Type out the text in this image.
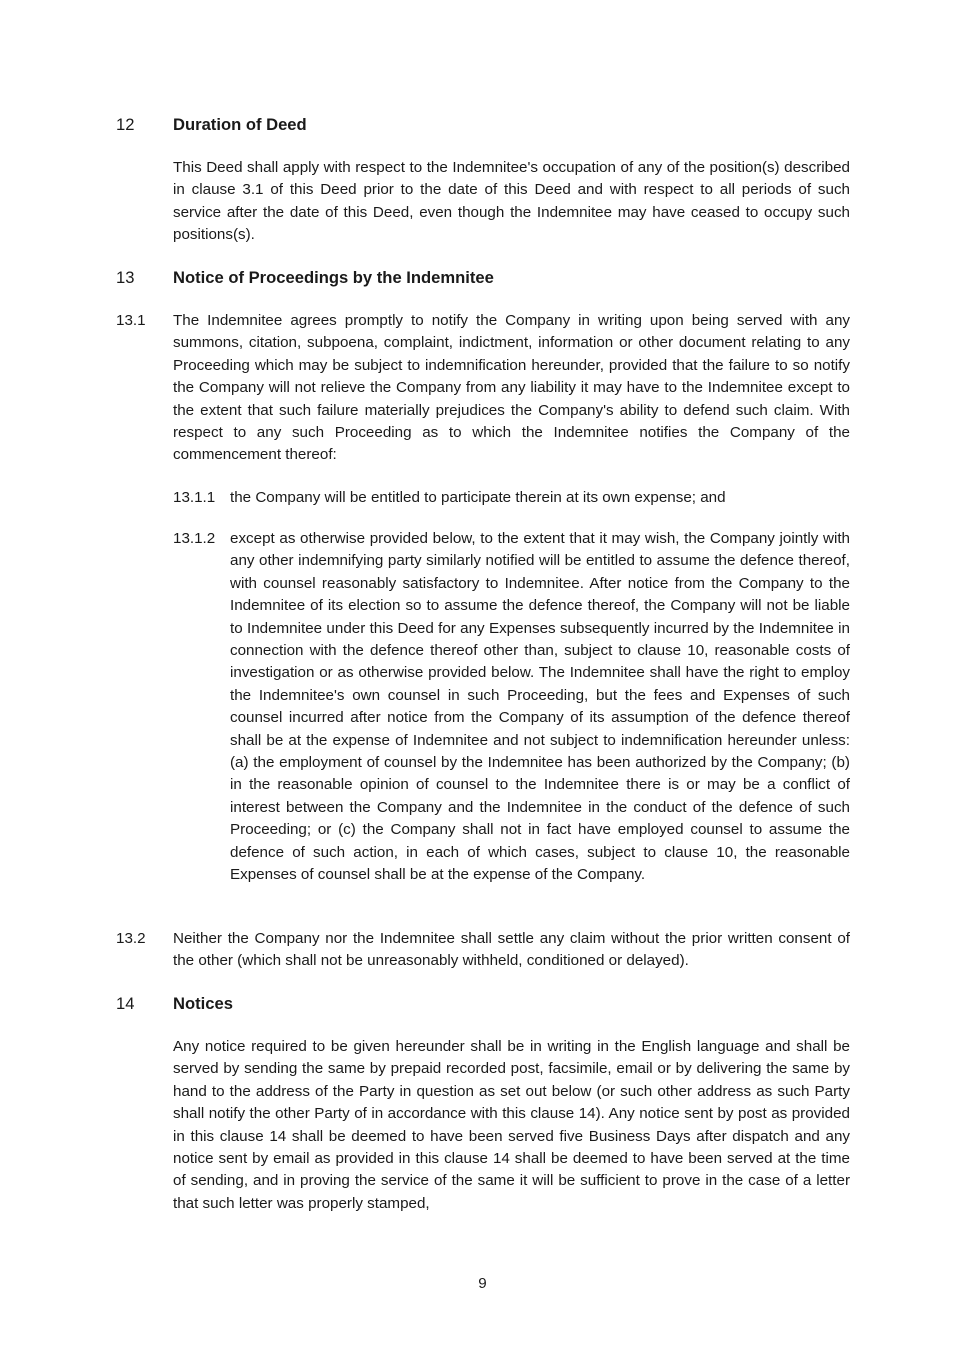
12 Duration of Deed

This Deed shall apply with respect to the Indemnitee's occupation of any of the position(s) described in clause 3.1 of this Deed prior to the date of this Deed and with respect to all periods of such service after the date of this Deed, even though the Indemnitee may have ceased to occupy such positions(s).

13 Notice of Proceedings by the Indemnitee
13.1 The Indemnitee agrees promptly to notify the Company in writing upon being served with any summons, citation, subpoena, complaint, indictment, information or other document relating to any Proceeding which may be subject to indemnification hereunder, provided that the failure to so notify the Company will not relieve the Company from any liability it may have to the Indemnitee except to the extent that such failure materially prejudices the Company's ability to defend such claim. With respect to any such Proceeding as to which the Indemnitee notifies the Company of the commencement thereof:

13.1.1 the Company will be entitled to participate therein at its own expense; and

13.1.2 except as otherwise provided below, to the extent that it may wish, the Company jointly with any other indemnifying party similarly notified will be entitled to assume the defence thereof, with counsel reasonably satisfactory to Indemnitee. After notice from the Company to the Indemnitee of its election so to assume the defence thereof, the Company will not be liable to Indemnitee under this Deed for any Expenses subsequently incurred by the Indemnitee in connection with the defence thereof other than, subject to clause 10, reasonable costs of investigation or as otherwise provided below. The Indemnitee shall have the right to employ the Indemnitee's own counsel in such Proceeding, but the fees and Expenses of such counsel incurred after notice from the Company of its assumption of the defence thereof shall be at the expense of Indemnitee and not subject to indemnification hereunder unless: (a) the employment of counsel by the Indemnitee has been authorized by the Company; (b) in the reasonable opinion of counsel to the Indemnitee there is or may be a conflict of interest between the Company and the Indemnitee in the conduct of the defence of such Proceeding; or (c) the Company shall not in fact have employed counsel to assume the defence of such action, in each of which cases, subject to clause 10, the reasonable Expenses of counsel shall be at the expense of the Company.

13.2 Neither the Company nor the Indemnitee shall settle any claim without the prior written consent of the other (which shall not be unreasonably withheld, conditioned or delayed).

14 Notices

Any notice required to be given hereunder shall be in writing in the English language and shall be served by sending the same by prepaid recorded post, facsimile, email or by delivering the same by hand to the address of the Party in question as set out below (or such other address as such Party shall notify the other Party of in accordance with this clause 14). Any notice sent by post as provided in this clause 14 shall be deemed to have been served five Business Days after dispatch and any notice sent by email as provided in this clause 14 shall be deemed to have been served at the time of sending, and in proving the service of the same it will be sufficient to prove in the case of a letter that such letter was properly stamped,

9
